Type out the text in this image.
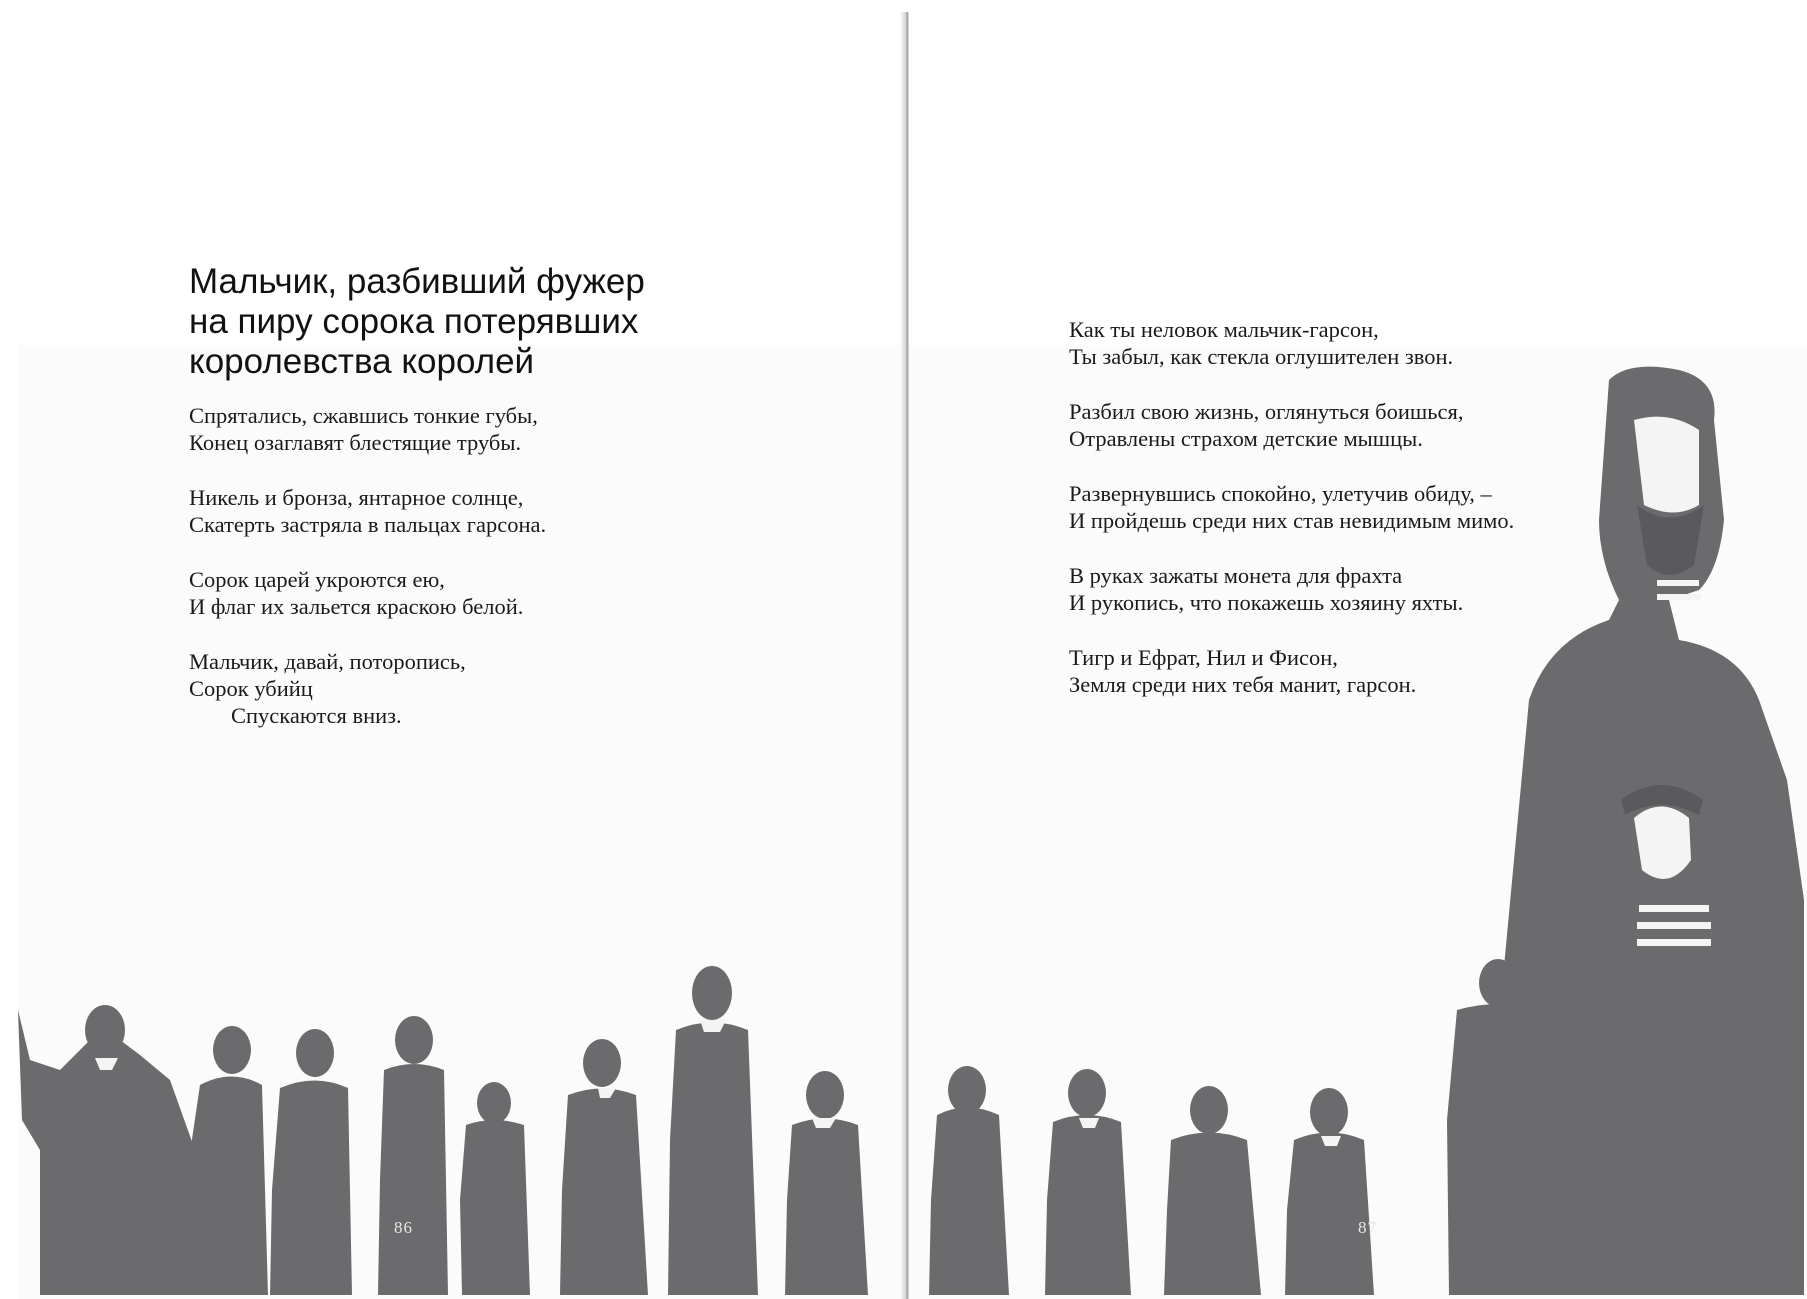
Мальчик, разбивший фужер
на пиру сорока потерявших
королевства королей

Спрятались, сжавшись тонкие губы,
Конец озаглавят блестящие трубы.

Никель и бронза, янтарное солнце,
Скатерть застряла в пальцах гарсона.

Сорок царей укроются ею,
И флаг их зальется краскою белой.

Мальчик, давай, поторопись,
Сорок убийц
Спускаются вниз.

86

Как ты неловок мальчик-гарсон,
Ты забыл, как стекла оглушителен звон.

Разбил свою жизнь, оглянуться боишься,
Отравлены страхом детские мышцы.

Развернувшись спокойно, улетучив обиду, –
И пройдешь среди них став невидимым мимо.

В руках зажаты монета для фрахта
И рукопись, что покажешь хозяину яхты.

Тигр и Ефрат, Нил и Фисон,
Земля среди них тебя манит, гарсон.

87
